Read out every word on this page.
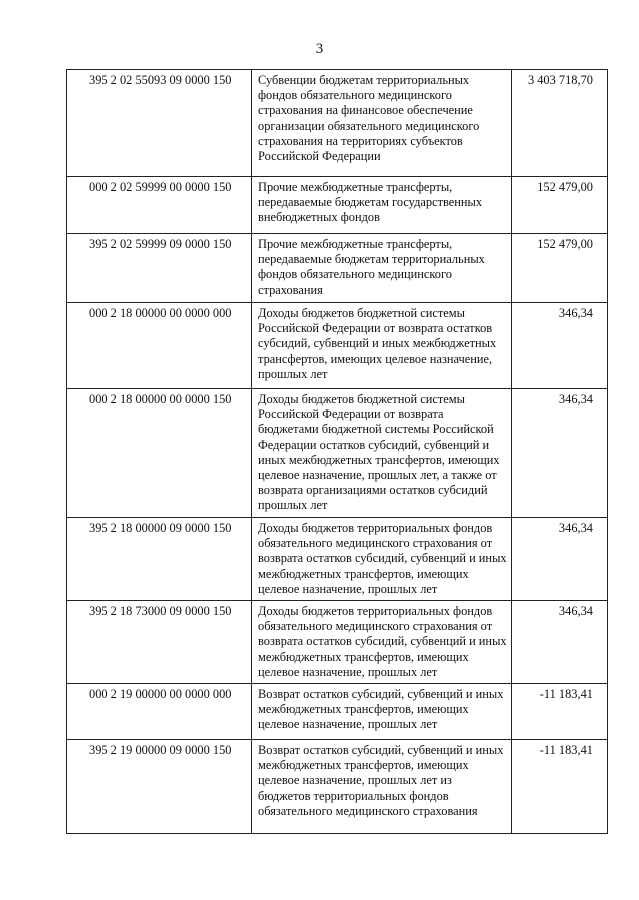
3
395 2 02 55093 09 0000 150	Субвенции бюджетам территориальных фондов обязательного медицинского страхования на финансовое обеспечение организации обязательного медицинского страхования на территориях субъектов Российской Федерации	3 403 718,70
000 2 02 59999 00 0000 150	Прочие межбюджетные трансферты, передаваемые бюджетам государственных внебюджетных фондов	152 479,00
395 2 02 59999 09 0000 150	Прочие межбюджетные трансферты, передаваемые бюджетам территориальных фондов обязательного медицинского страхования	152 479,00
000 2 18 00000 00 0000 000	Доходы бюджетов бюджетной системы Российской Федерации от возврата остатков субсидий, субвенций и иных межбюджетных трансфертов, имеющих целевое назначение, прошлых лет	346,34
000 2 18 00000 00 0000 150	Доходы бюджетов бюджетной системы Российской Федерации от возврата бюджетами бюджетной системы Российской Федерации остатков субсидий, субвенций и иных межбюджетных трансфертов, имеющих целевое назначение, прошлых лет, а также от возврата организациями остатков субсидий прошлых лет	346,34
395 2 18 00000 09 0000 150	Доходы бюджетов территориальных фондов обязательного медицинского страхования от возврата остатков субсидий, субвенций и иных межбюджетных трансфертов, имеющих целевое назначение, прошлых лет	346,34
395 2 18 73000 09 0000 150	Доходы бюджетов территориальных фондов обязательного медицинского страхования от возврата остатков субсидий, субвенций и иных межбюджетных трансфертов, имеющих целевое назначение, прошлых лет	346,34
000 2 19 00000 00 0000 000	Возврат остатков субсидий, субвенций и иных межбюджетных трансфертов, имеющих целевое назначение, прошлых лет	-11 183,41
395 2 19 00000 09 0000 150	Возврат остатков субсидий, субвенций и иных межбюджетных трансфертов, имеющих целевое назначение, прошлых лет из бюджетов территориальных фондов обязательного медицинского страхования	-11 183,41
